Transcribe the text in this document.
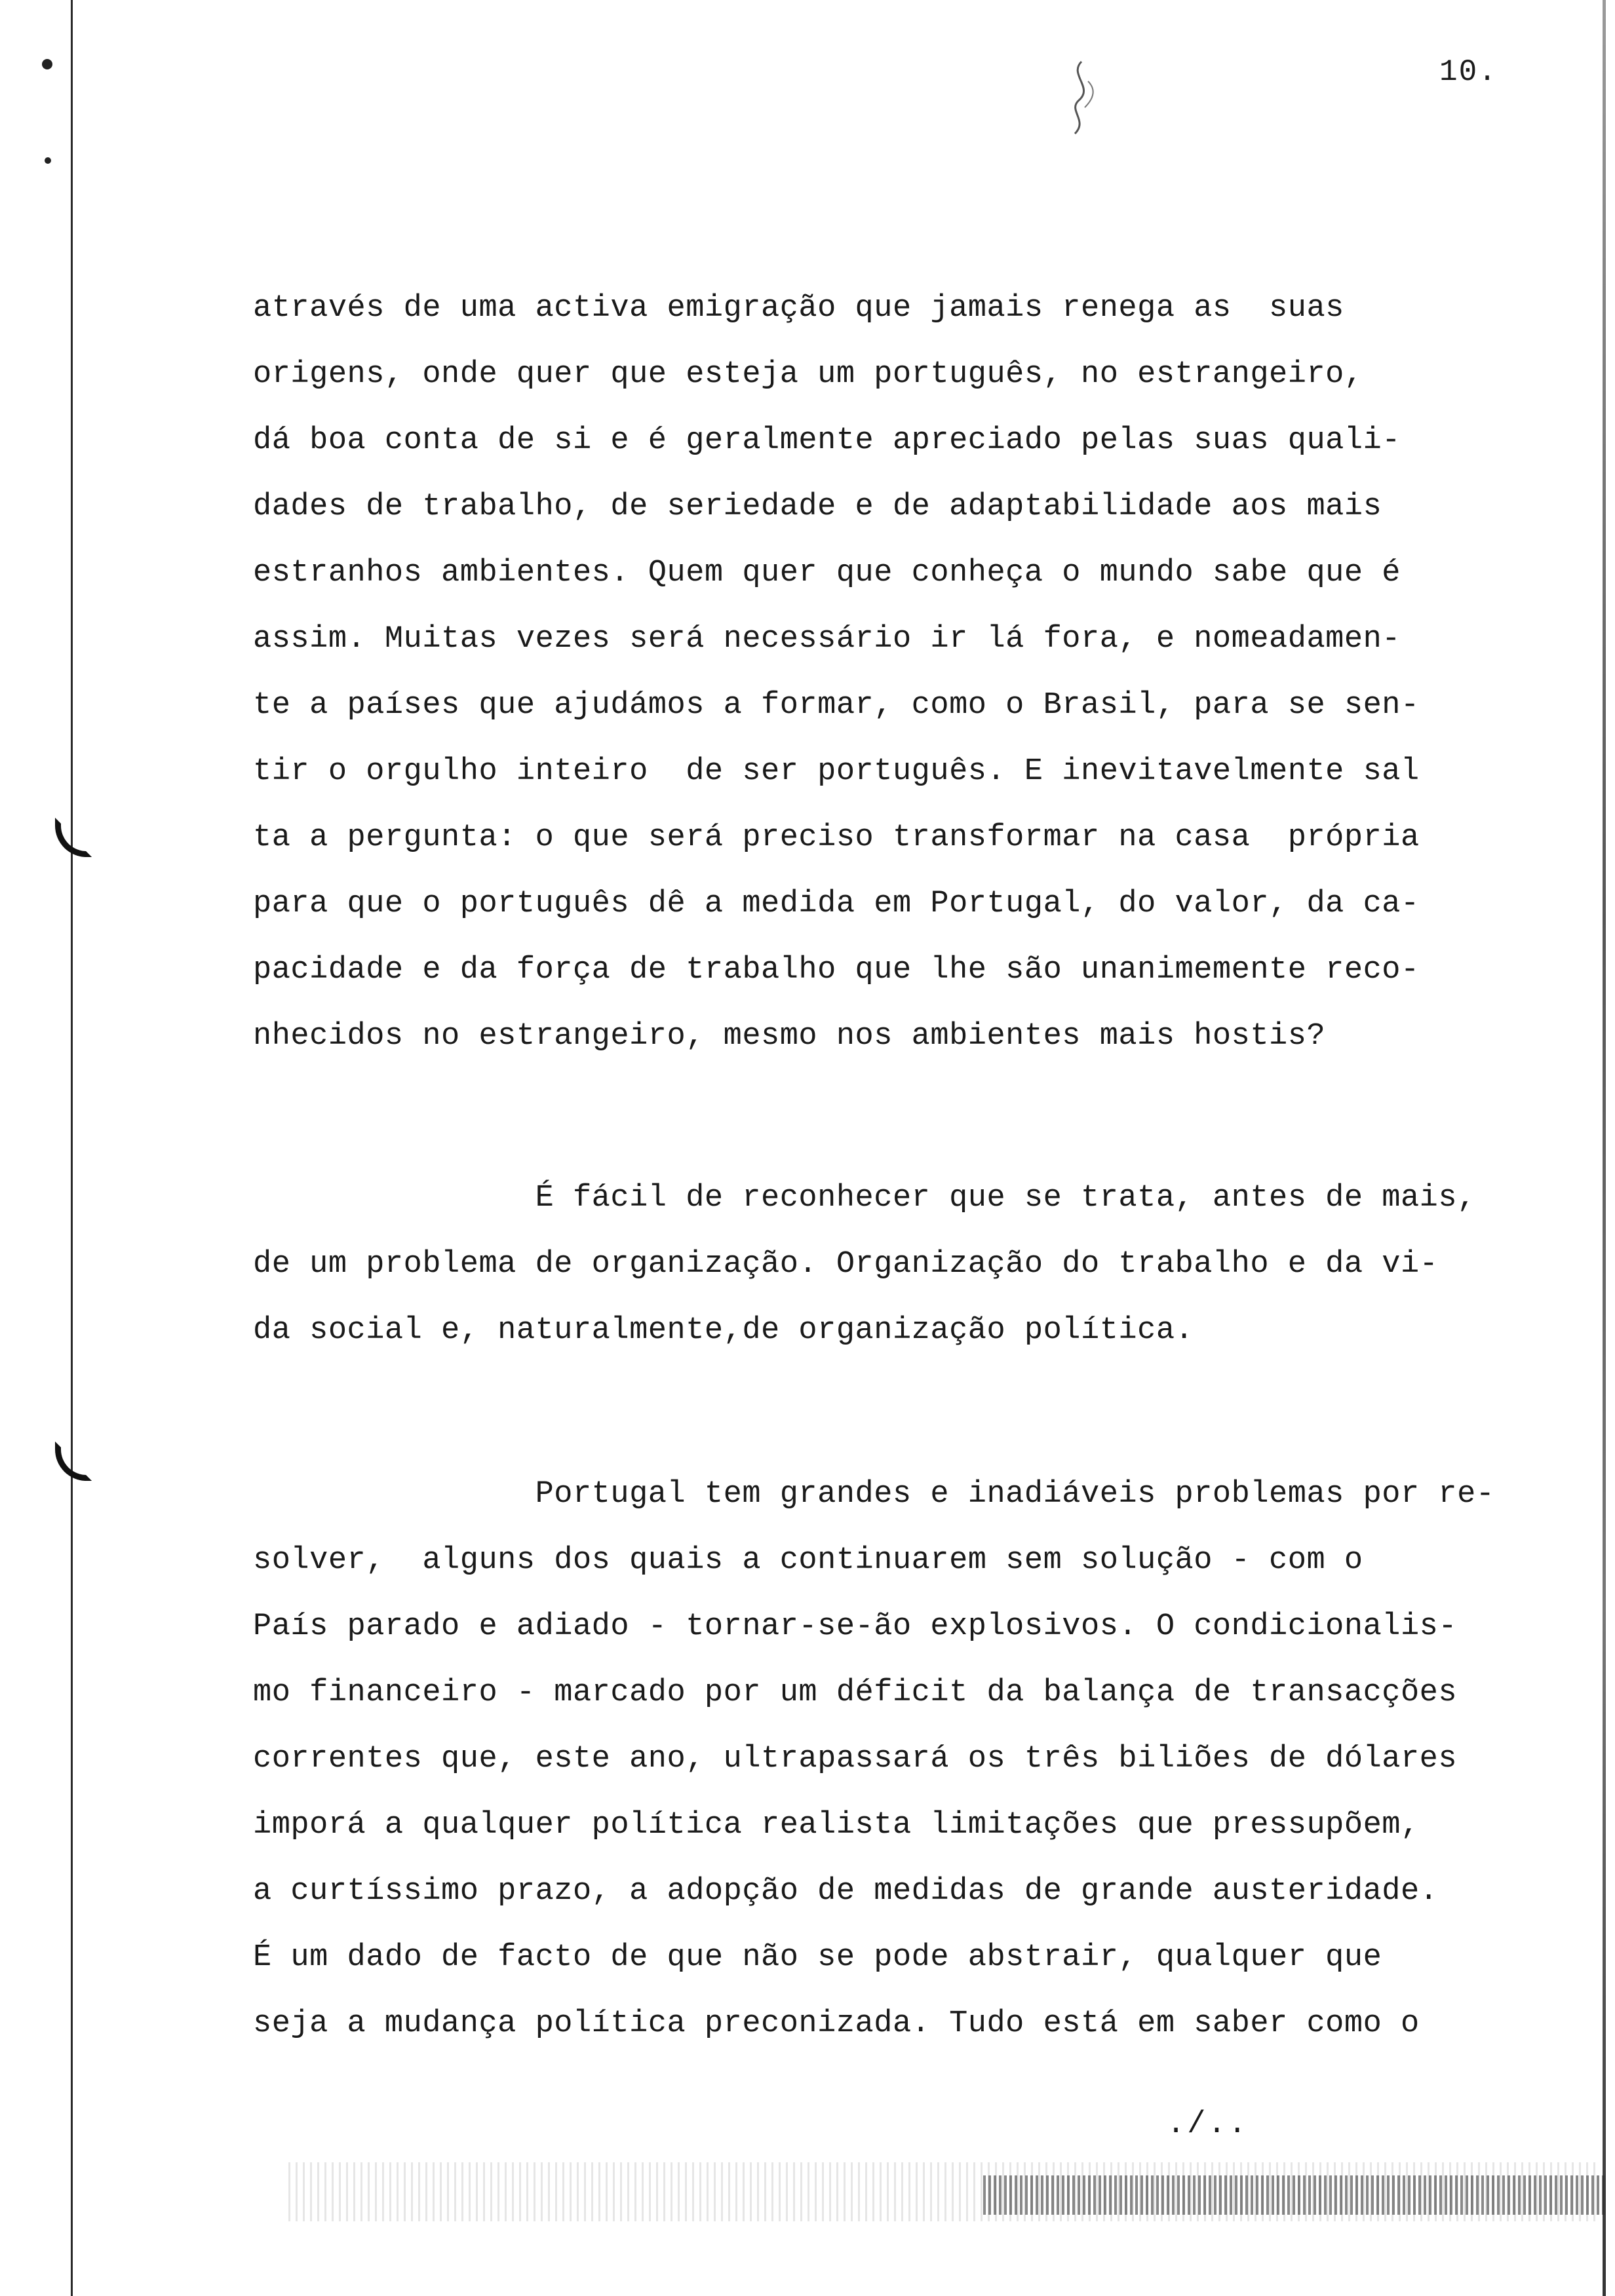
10.
através de uma activa emigração que jamais renega as  suas
origens, onde quer que esteja um português, no estrangeiro,
dá boa conta de si e é geralmente apreciado pelas suas quali-
dades de trabalho, de seriedade e de adaptabilidade aos mais
estranhos ambientes. Quem quer que conheça o mundo sabe que é
assim. Muitas vezes será necessário ir lá fora, e nomeadamen-
te a países que ajudámos a formar, como o Brasil, para se sen-
tir o orgulho inteiro  de ser português. E inevitavelmente sal
ta a pergunta: o que será preciso transformar na casa  própria
para que o português dê a medida em Portugal, do valor, da ca-
pacidade e da força de trabalho que lhe são unanimemente reco-
nhecidos no estrangeiro, mesmo nos ambientes mais hostis?
É fácil de reconhecer que se trata, antes de mais,
de um problema de organização. Organização do trabalho e da vi-
da social e, naturalmente,de organização política.
Portugal tem grandes e inadiáveis problemas por re-
solver,  alguns dos quais a continuarem sem solução - com o
País parado e adiado - tornar-se-ão explosivos. O condicionalis-
mo financeiro - marcado por um déficit da balança de transacções
correntes que, este ano, ultrapassará os três biliões de dólares
imporá a qualquer política realista limitações que pressupõem,
a curtíssimo prazo, a adopção de medidas de grande austeridade.
É um dado de facto de que não se pode abstrair, qualquer que
seja a mudança política preconizada. Tudo está em saber como o
./..
